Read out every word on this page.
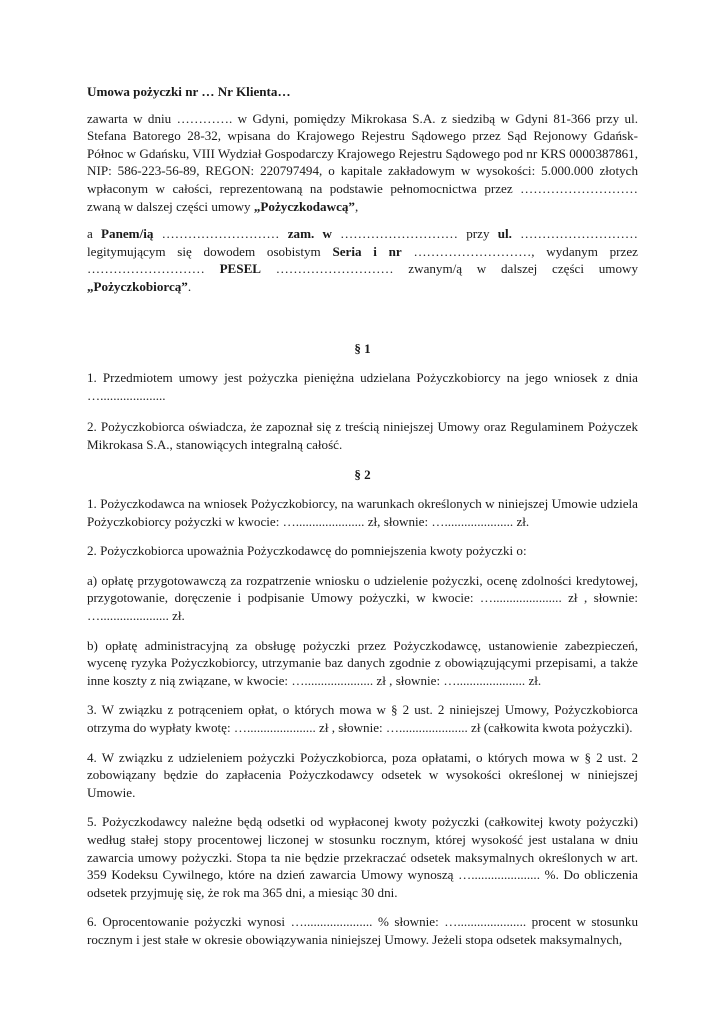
Umowa pożyczki nr … Nr Klienta…

zawarta w dniu …………. w Gdyni, pomiędzy Mikrokasa S.A. z siedzibą w Gdyni 81-366 przy ul. Stefana Batorego 28-32, wpisana do Krajowego Rejestru Sądowego przez Sąd Rejonowy Gdańsk-Północ w Gdańsku, VIII Wydział Gospodarczy Krajowego Rejestru Sądowego pod nr KRS 0000387861, NIP: 586-223-56-89, REGON: 220797494, o kapitale zakładowym w wysokości: 5.000.000 złotych wpłaconym w całości, reprezentowaną na podstawie pełnomocnictwa przez ……………………… zwaną w dalszej części umowy „Pożyczkodawcą”,

a Panem/ią ……………………… zam. w ……………………… przy ul. ……………………… legitymującym się dowodem osobistym Seria i nr ………………………, wydanym przez ……………………… PESEL ……………………… zwanym/ą w dalszej części umowy „Pożyczkobiorcą”.

§ 1

1. Przedmiotem umowy jest pożyczka pieniężna udzielana Pożyczkobiorcy na jego wniosek z dnia …....................

2. Pożyczkobiorca oświadcza, że zapoznał się z treścią niniejszej Umowy oraz Regulaminem Pożyczek Mikrokasa S.A., stanowiących integralną całość.

§ 2

1. Pożyczkodawca na wniosek Pożyczkobiorcy, na warunkach określonych w niniejszej Umowie udziela Pożyczkobiorcy pożyczki w kwocie: …..................... zł, słownie: …..................... zł.

2. Pożyczkobiorca upoważnia Pożyczkodawcę do pomniejszenia kwoty pożyczki o:

a) opłatę przygotowawczą za rozpatrzenie wniosku o udzielenie pożyczki, ocenę zdolności kredytowej, przygotowanie, doręczenie i podpisanie Umowy pożyczki, w kwocie: …..................... zł , słownie: …..................... zł.

b) opłatę administracyjną za obsługę pożyczki przez Pożyczkodawcę, ustanowienie zabezpieczeń, wycenę ryzyka Pożyczkobiorcy, utrzymanie baz danych zgodnie z obowiązującymi przepisami, a także inne koszty z nią związane, w kwocie: …..................... zł , słownie: …..................... zł.

3. W związku z potrąceniem opłat, o których mowa w § 2 ust. 2 niniejszej Umowy, Pożyczkobiorca otrzyma do wypłaty kwotę: …..................... zł , słownie: …..................... zł (całkowita kwota pożyczki).

4. W związku z udzieleniem pożyczki Pożyczkobiorca, poza opłatami, o których mowa w § 2 ust. 2 zobowiązany będzie do zapłacenia Pożyczkodawcy odsetek w wysokości określonej w niniejszej Umowie.

5. Pożyczkodawcy należne będą odsetki od wypłaconej kwoty pożyczki (całkowitej kwoty pożyczki) według stałej stopy procentowej liczonej w stosunku rocznym, której wysokość jest ustalana w dniu zawarcia umowy pożyczki. Stopa ta nie będzie przekraczać odsetek maksymalnych określonych w art. 359 Kodeksu Cywilnego, które na dzień zawarcia Umowy wynoszą …..................... %. Do obliczenia odsetek przyjmuję się, że rok ma 365 dni, a miesiąc 30 dni.

6. Oprocentowanie pożyczki wynosi …..................... % słownie: …..................... procent w stosunku rocznym i jest stałe w okresie obowiązywania niniejszej Umowy. Jeżeli stopa odsetek maksymalnych,
